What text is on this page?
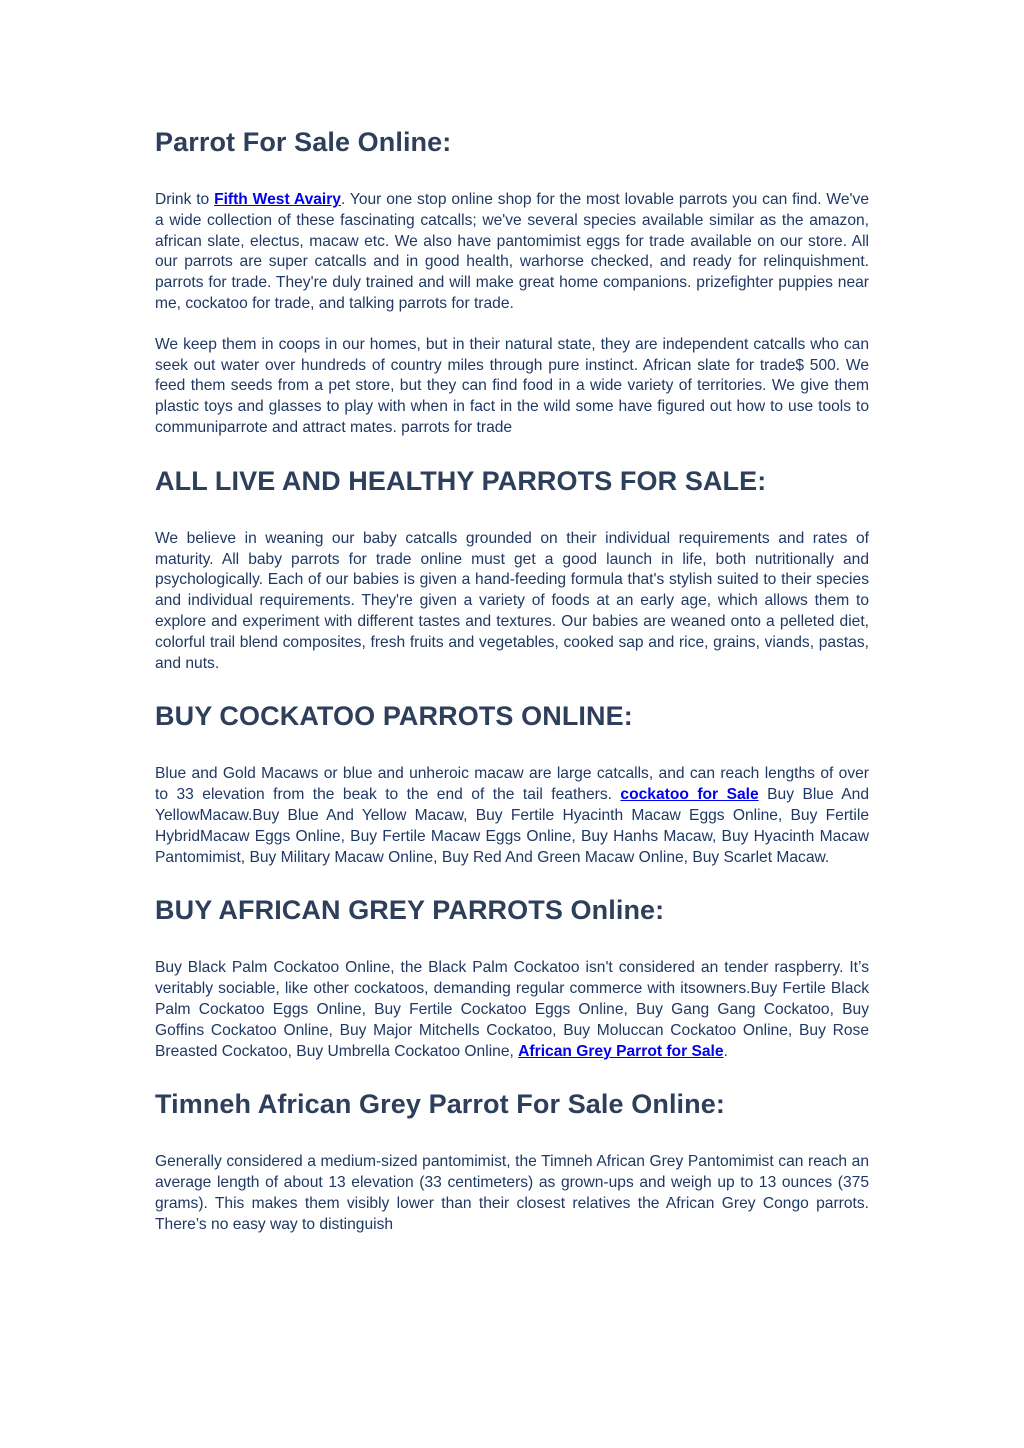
Parrot For Sale Online:

Drink to Fifth West Avairy. Your one stop online shop for the most lovable parrots you can find. We've a wide collection of these fascinating catcalls; we've several species available similar as the amazon, african slate, electus, macaw etc. We also have pantomimist eggs for trade available on our store. All our parrots are super catcalls and in good health, warhorse checked, and ready for relinquishment. parrots for trade. They're duly trained and will make great home companions. prizefighter puppies near me, cockatoo for trade, and talking parrots for trade.

We keep them in coops in our homes, but in their natural state, they are independent catcalls who can seek out water over hundreds of country miles through pure instinct. African slate for trade$ 500. We feed them seeds from a pet store, but they can find food in a wide variety of territories. We give them plastic toys and glasses to play with when in fact in the wild some have figured out how to use tools to communiparrote and attract mates. parrots for trade

ALL LIVE AND HEALTHY PARROTS FOR SALE:

We believe in weaning our baby catcalls grounded on their individual requirements and rates of maturity. All baby parrots for trade online must get a good launch in life, both nutritionally and psychologically. Each of our babies is given a hand-feeding formula that's stylish suited to their species and individual requirements. They're given a variety of foods at an early age, which allows them to explore and experiment with different tastes and textures. Our babies are weaned onto a pelleted diet, colorful trail blend composites, fresh fruits and vegetables, cooked sap and rice, grains, viands, pastas, and nuts.

BUY COCKATOO PARROTS ONLINE:

Blue and Gold Macaws or blue and unheroic macaw are large catcalls, and can reach lengths of over to 33 elevation from the beak to the end of the tail feathers. cockatoo for Sale Buy Blue And YellowMacaw.Buy Blue And Yellow Macaw, Buy Fertile Hyacinth Macaw Eggs Online, Buy Fertile HybridMacaw Eggs Online, Buy Fertile Macaw Eggs Online, Buy Hanhs Macaw, Buy Hyacinth Macaw Pantomimist, Buy Military Macaw Online, Buy Red And Green Macaw Online, Buy Scarlet Macaw.

BUY AFRICAN GREY PARROTS Online:

Buy Black Palm Cockatoo Online, the Black Palm Cockatoo isn't considered an tender raspberry. It’s veritably sociable, like other cockatoos, demanding regular commerce with itsowners.Buy Fertile Black Palm Cockatoo Eggs Online, Buy Fertile Cockatoo Eggs Online, Buy Gang Gang Cockatoo, Buy Goffins Cockatoo Online, Buy Major Mitchells Cockatoo, Buy Moluccan Cockatoo Online, Buy Rose Breasted Cockatoo, Buy Umbrella Cockatoo Online, African Grey Parrot for Sale.

Timneh African Grey Parrot For Sale Online:

Generally considered a medium-sized pantomimist, the Timneh African Grey Pantomimist can reach an average length of about 13 elevation (33 centimeters) as grown-ups and weigh up to 13 ounces (375 grams). This makes them visibly lower than their closest relatives the African Grey Congo parrots. There’s no easy way to distinguish
